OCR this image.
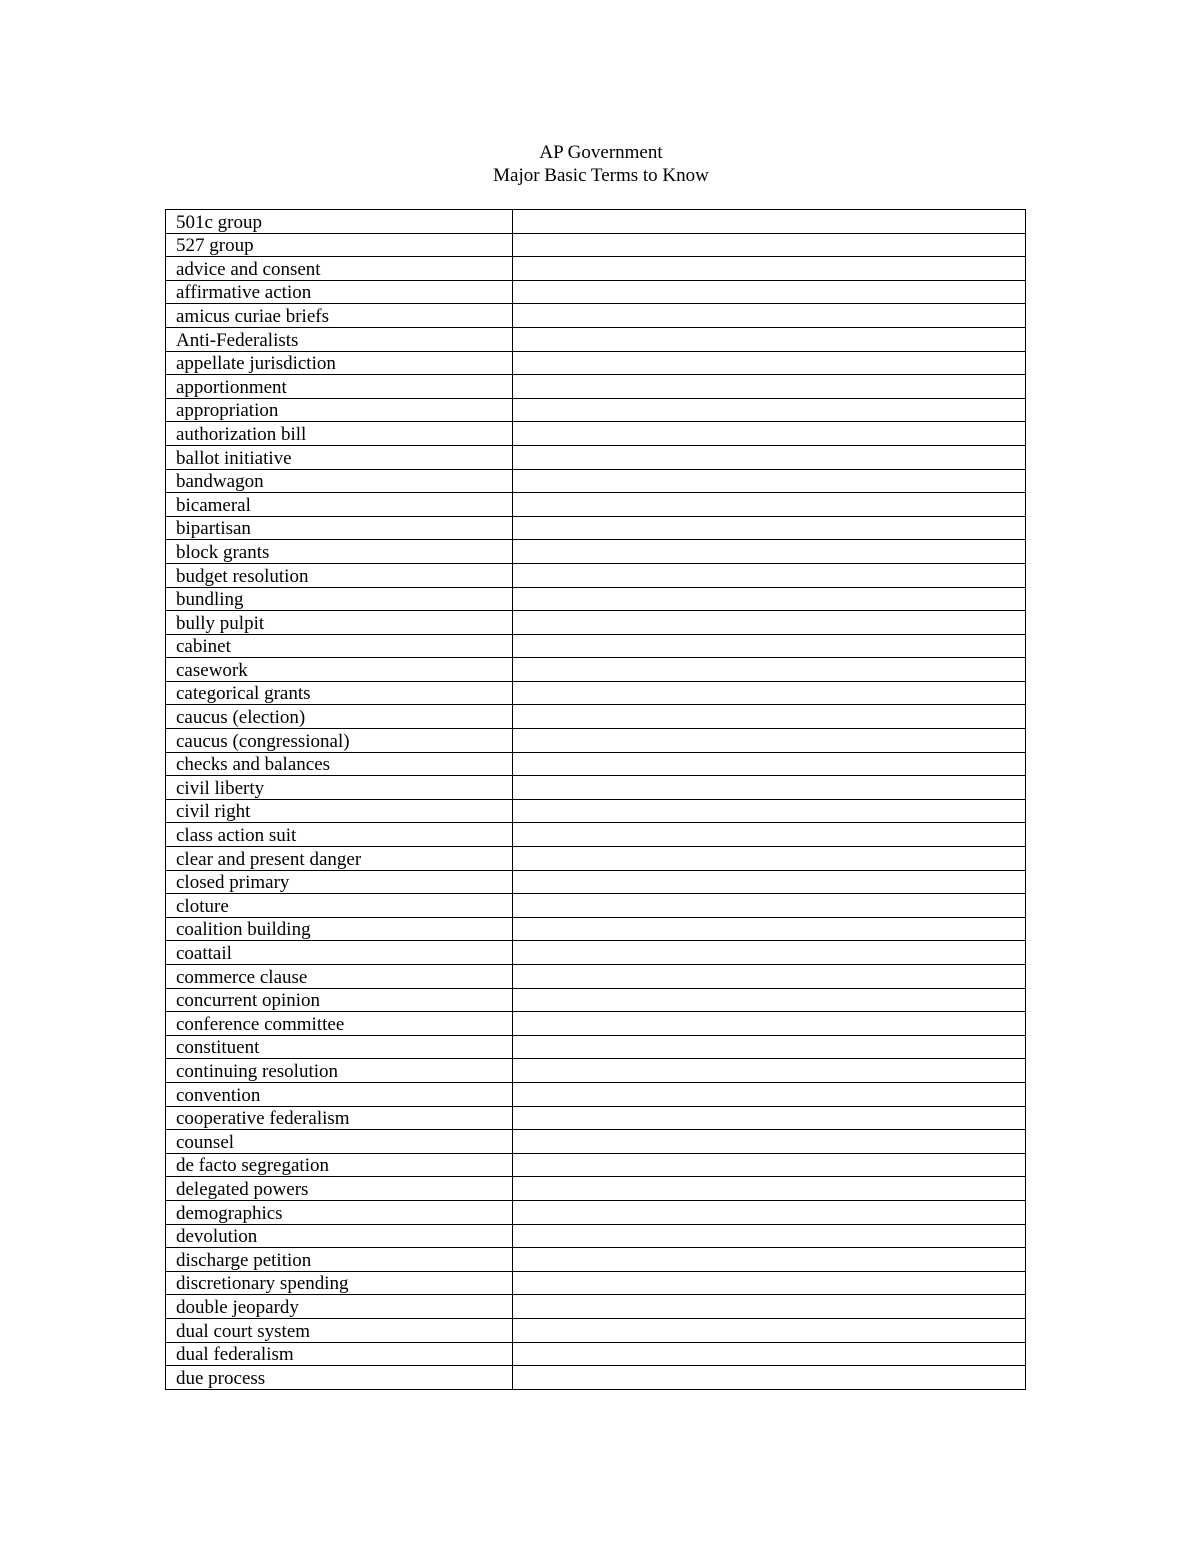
AP Government
Major Basic Terms to Know
501c group	
527 group	
advice and consent	
affirmative action	
amicus curiae briefs	
Anti-Federalists	
appellate jurisdiction	
apportionment	
appropriation	
authorization bill	
ballot initiative	
bandwagon	
bicameral	
bipartisan	
block grants	
budget resolution	
bundling	
bully pulpit	
cabinet	
casework	
categorical grants	
caucus (election)	
caucus (congressional)	
checks and balances	
civil liberty	
civil right	
class action suit	
clear and present danger	
closed primary	
cloture	
coalition building	
coattail	
commerce clause	
concurrent opinion	
conference committee	
constituent	
continuing resolution	
convention	
cooperative federalism	
counsel	
de facto segregation	
delegated powers	
demographics	
devolution	
discharge petition	
discretionary spending	
double jeopardy	
dual court system	
dual federalism	
due process	
